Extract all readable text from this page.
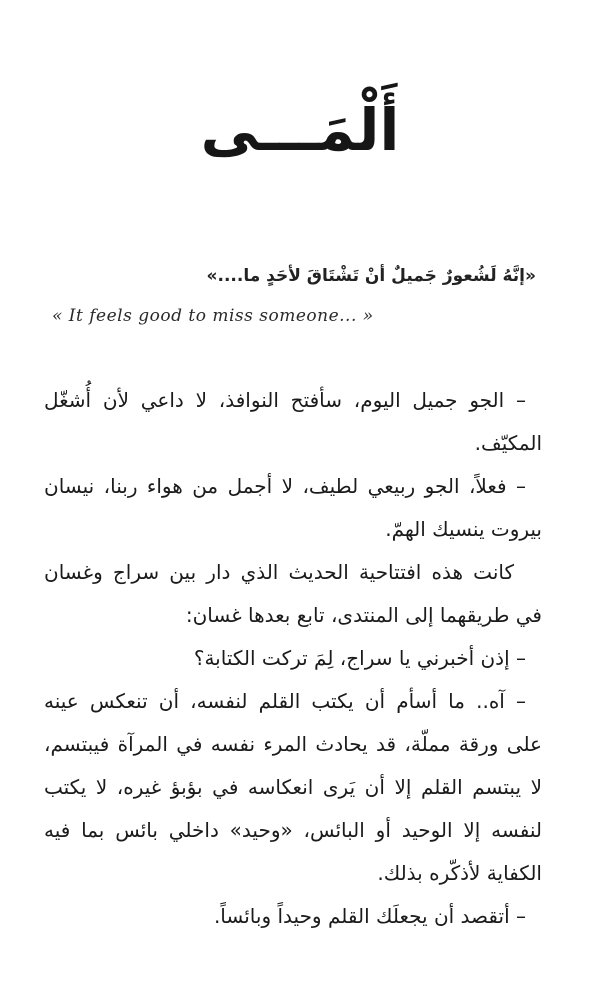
أَلْمَـــى
«إنَّهُ لَشُعورٌ جَميلٌ أنْ تَشْتَاقَ لأحَدٍ ما....»
« It feels good to miss someone... »
– الجو جميل اليوم، سأفتح النوافذ، لا داعي لأن أُشغّل
المكيّف.
– فعلاً، الجو ربيعي لطيف، لا أجمل من هواء ربنا، نيسان
بيروت ينسيك الهمّ.
كانت هذه افتتاحية الحديث الذي دار بين سراج وغسان
في طريقهما إلى المنتدى، تابع بعدها غسان:
– إذن أخبرني يا سراج، لِمَ تركت الكتابة؟
– آه.. ما أسأم أن يكتب القلم لنفسه، أن تنعكس عينه
على ورقة مملّة، قد يحادث المرء نفسه في المرآة فيبتسم،
لا يبتسم القلم إلا أن يَرى انعكاسه في بؤبؤ غيره، لا يكتب
لنفسه إلا الوحيد أو البائس، «وحيد» داخلي بائس بما فيه
الكفاية لأذكّره بذلك.
– أتقصد أن يجعلَك القلم وحيداً وبائساً.
